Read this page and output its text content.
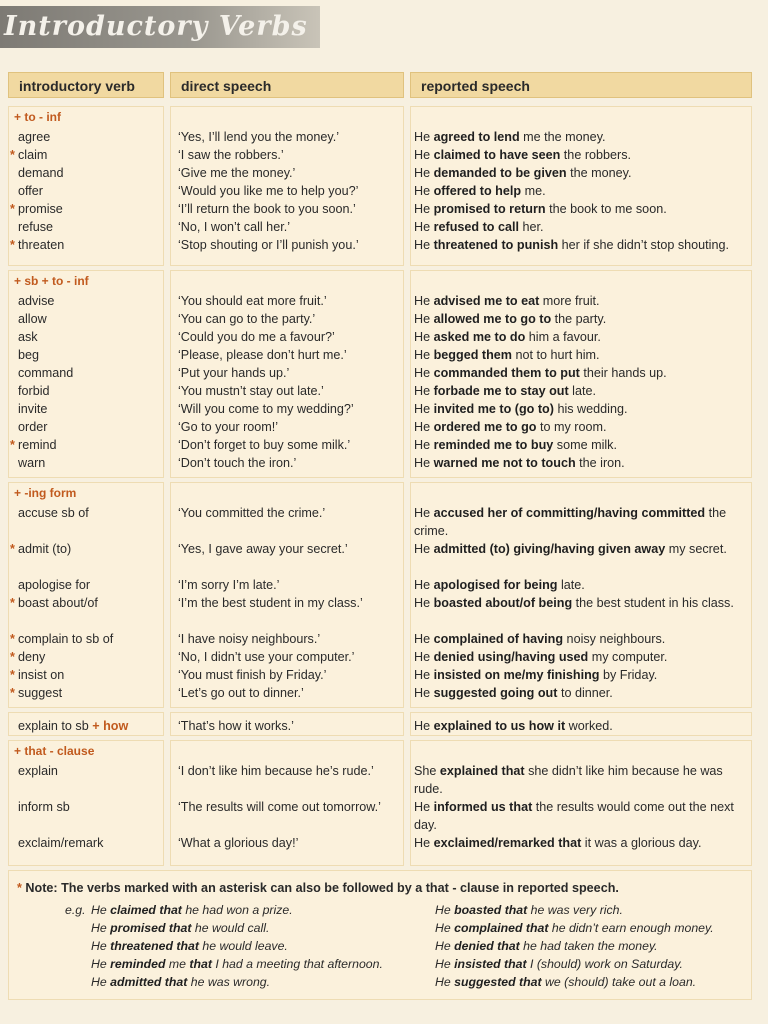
Introductory Verbs
introductory verb	direct speech	reported speech
+ to - inf
agree	‘Yes, I’ll lend you the money.’	He agreed to lend me the money.
* claim	‘I saw the robbers.’	He claimed to have seen the robbers.
demand	‘Give me the money.’	He demanded to be given the money.
offer	‘Would you like me to help you?’	He offered to help me.
* promise	‘I’ll return the book to you soon.’	He promised to return the book to me soon.
refuse	‘No, I won’t call her.’	He refused to call her.
* threaten	‘Stop shouting or I’ll punish you.’	He threatened to punish her if she didn’t stop shouting.
+ sb + to - inf
advise	‘You should eat more fruit.’	He advised me to eat more fruit.
allow	‘You can go to the party.’	He allowed me to go to the party.
ask	‘Could you do me a favour?’	He asked me to do him a favour.
beg	‘Please, please don’t hurt me.’	He begged them not to hurt him.
command	‘Put your hands up.’	He commanded them to put their hands up.
forbid	‘You mustn’t stay out late.’	He forbade me to stay out late.
invite	‘Will you come to my wedding?’	He invited me to (go to) his wedding.
order	‘Go to your room!’	He ordered me to go to my room.
* remind	‘Don’t forget to buy some milk.’	He reminded me to buy some milk.
warn	‘Don’t touch the iron.’	He warned me not to touch the iron.
+ -ing form
accuse sb of	‘You committed the crime.’	He accused her of committing/having committed the crime.
* admit (to)	‘Yes, I gave away your secret.’	He admitted (to) giving/having given away my secret.
apologise for	‘I’m sorry I’m late.’	He apologised for being late.
* boast about/of	‘I’m the best student in my class.’	He boasted about/of being the best student in his class.
* complain to sb of	‘I have noisy neighbours.’	He complained of having noisy neighbours.
* deny	‘No, I didn’t use your computer.’	He denied using/having used my computer.
* insist on	‘You must finish by Friday.’	He insisted on me/my finishing by Friday.
* suggest	‘Let’s go out to dinner.’	He suggested going out to dinner.
explain to sb + how	‘That’s how it works.’	He explained to us how it worked.
+ that - clause
explain	‘I don’t like him because he’s rude.’	She explained that she didn’t like him because he was rude.
inform sb	‘The results will come out tomorrow.’	He informed us that the results would come out the next day.
exclaim/remark	‘What a glorious day!’	He exclaimed/remarked that it was a glorious day.
* Note: The verbs marked with an asterisk can also be followed by a that - clause in reported speech.
e.g. He claimed that he had won a prize.
He promised that he would call.
He threatened that he would leave.
He reminded me that I had a meeting that afternoon.
He admitted that he was wrong.
He boasted that he was very rich.
He complained that he didn’t earn enough money.
He denied that he had taken the money.
He insisted that I (should) work on Saturday.
He suggested that we (should) take out a loan.
